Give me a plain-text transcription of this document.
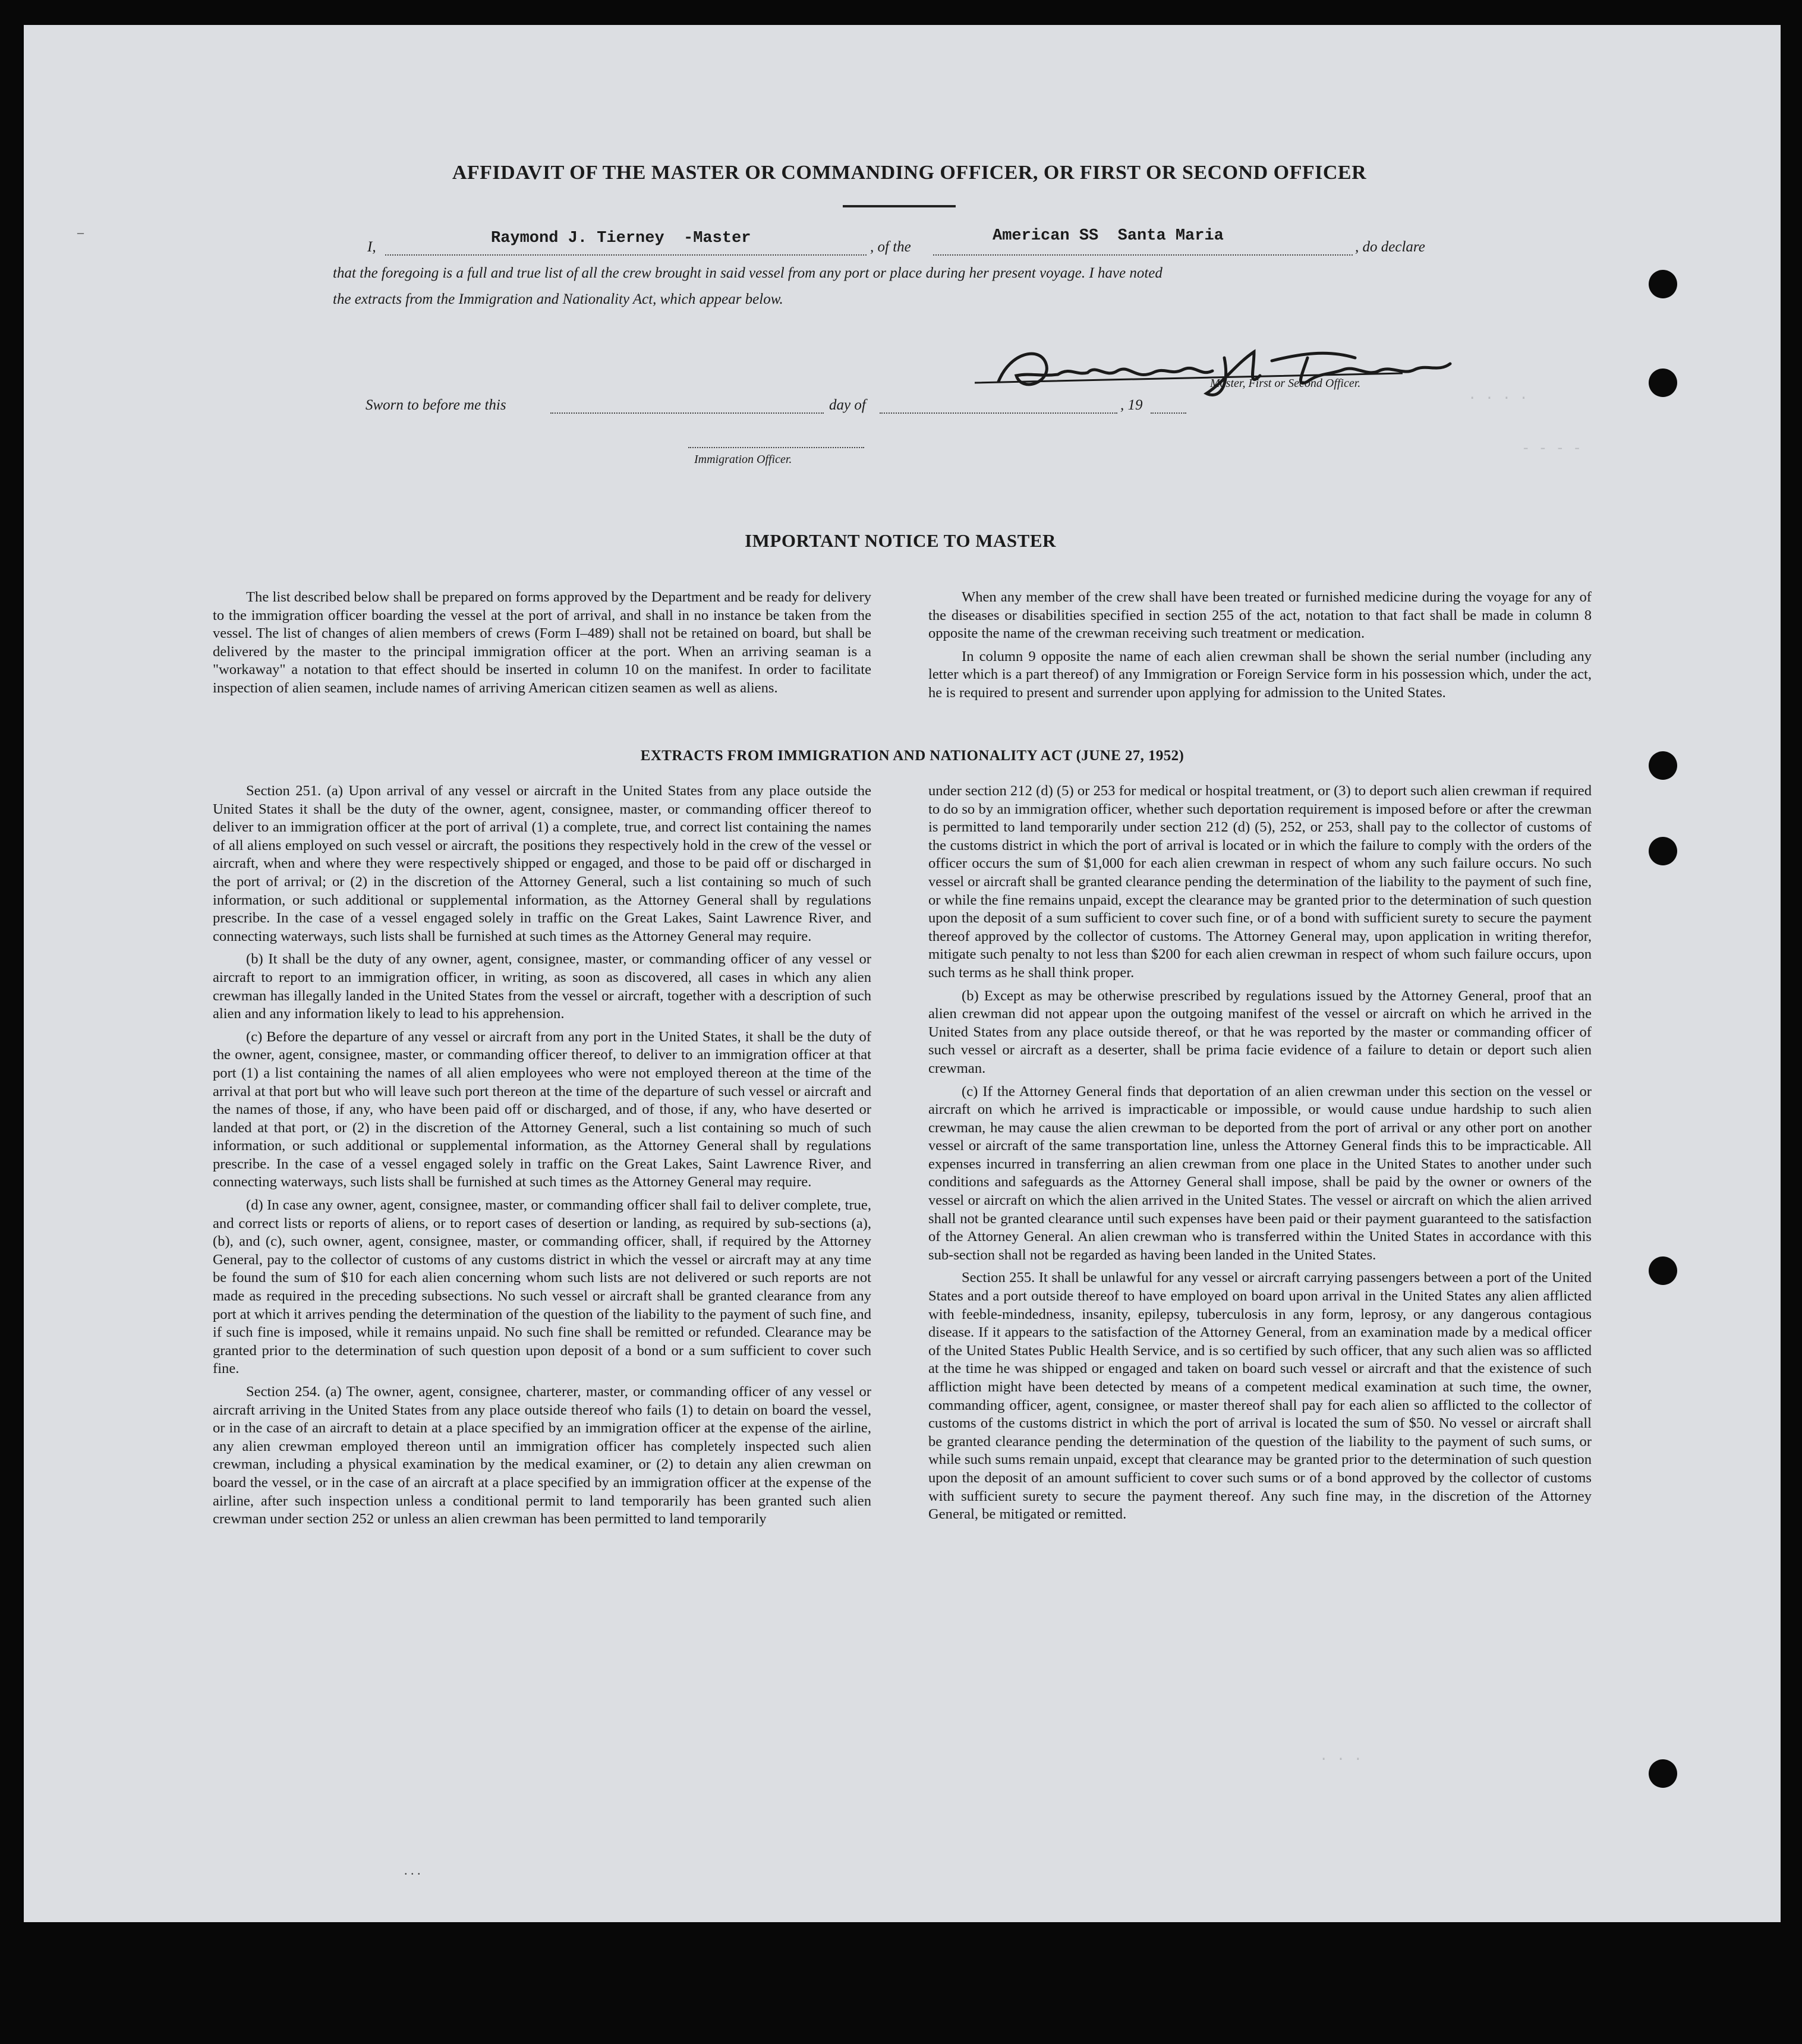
. . . .
- - - -
–
AFFIDAVIT OF THE MASTER OR COMMANDING OFFICER, OR FIRST OR SECOND OFFICER
I,	Raymond J. Tierney  -Master	, of the
American SS  Santa Maria
, do declare
that the foregoing is a full and true list of all the crew brought in said vessel from any port or place during her present voyage. I have noted
the extracts from the Immigration and Nationality Act, which appear below.
Master, First or Second Officer.
Sworn to before me this	day of	, 19
Immigration Officer.
IMPORTANT NOTICE TO MASTER

The list described below shall be prepared on forms approved by the Department and be ready for delivery to the immigration officer boarding the vessel at the port of arrival, and shall in no instance be taken from the vessel. The list of changes of alien members of crews (Form I–489) shall not be retained on board, but shall be delivered by the master to the principal immigration officer at the port. When an arriving seaman is a "workaway" a notation to that effect should be inserted in column 10 on the manifest. In order to facilitate inspection of alien seamen, include names of arriving American citizen seamen as well as aliens.

When any member of the crew shall have been treated or furnished medicine during the voyage for any of the diseases or disabilities specified in section 255 of the act, notation to that fact shall be made in column 8 opposite the name of the crewman receiving such treatment or medication.

In column 9 opposite the name of each alien crewman shall be shown the serial number (including any letter which is a part thereof) of any Immigration or Foreign Service form in his possession which, under the act, he is required to present and surrender upon applying for admission to the United States.

EXTRACTS FROM IMMIGRATION AND NATIONALITY ACT (JUNE 27, 1952)

Section 251. (a) Upon arrival of any vessel or aircraft in the United States from any place outside the United States it shall be the duty of the owner, agent, consignee, master, or commanding officer thereof to deliver to an immigration officer at the port of arrival (1) a complete, true, and correct list containing the names of all aliens employed on such vessel or aircraft, the positions they respectively hold in the crew of the vessel or aircraft, when and where they were respectively shipped or engaged, and those to be paid off or discharged in the port of arrival; or (2) in the discretion of the Attorney General, such a list containing so much of such information, or such additional or supplemental information, as the Attorney General shall by regulations prescribe. In the case of a vessel engaged solely in traffic on the Great Lakes, Saint Lawrence River, and connecting waterways, such lists shall be furnished at such times as the Attorney General may require.

(b) It shall be the duty of any owner, agent, consignee, master, or commanding officer of any vessel or aircraft to report to an immigration officer, in writing, as soon as discovered, all cases in which any alien crewman has illegally landed in the United States from the vessel or aircraft, together with a description of such alien and any information likely to lead to his apprehension.

(c) Before the departure of any vessel or aircraft from any port in the United States, it shall be the duty of the owner, agent, consignee, master, or commanding officer thereof, to deliver to an immigration officer at that port (1) a list containing the names of all alien employees who were not employed thereon at the time of the arrival at that port but who will leave such port thereon at the time of the departure of such vessel or aircraft and the names of those, if any, who have been paid off or discharged, and of those, if any, who have deserted or landed at that port, or (2) in the discretion of the Attorney General, such a list containing so much of such information, or such additional or supplemental information, as the Attorney General shall by regulations prescribe. In the case of a vessel engaged solely in traffic on the Great Lakes, Saint Lawrence River, and connecting waterways, such lists shall be furnished at such times as the Attorney General may require.

(d) In case any owner, agent, consignee, master, or commanding officer shall fail to deliver complete, true, and correct lists or reports of aliens, or to report cases of desertion or landing, as required by sub-sections (a), (b), and (c), such owner, agent, consignee, master, or commanding officer, shall, if required by the Attorney General, pay to the collector of customs of any customs district in which the vessel or aircraft may at any time be found the sum of $10 for each alien concerning whom such lists are not delivered or such reports are not made as required in the preceding subsections. No such vessel or aircraft shall be granted clearance from any port at which it arrives pending the determination of the question of the liability to the payment of such fine, and if such fine is imposed, while it remains unpaid. No such fine shall be remitted or refunded. Clearance may be granted prior to the determination of such question upon deposit of a bond or a sum sufficient to cover such fine.

Section 254. (a) The owner, agent, consignee, charterer, master, or commanding officer of any vessel or aircraft arriving in the United States from any place outside thereof who fails (1) to detain on board the vessel, or in the case of an aircraft to detain at a place specified by an immigration officer at the expense of the airline, any alien crewman employed thereon until an immigration officer has completely inspected such alien crewman, including a physical examination by the medical examiner, or (2) to detain any alien crewman on board the vessel, or in the case of an aircraft at a place specified by an immigration officer at the expense of the airline, after such inspection unless a conditional permit to land temporarily has been granted such alien crewman under section 252 or unless an alien crewman has been permitted to land temporarily

under section 212 (d) (5) or 253 for medical or hospital treatment, or (3) to deport such alien crewman if required to do so by an immigration officer, whether such deportation requirement is imposed before or after the crewman is permitted to land temporarily under section 212 (d) (5), 252, or 253, shall pay to the collector of customs of the customs district in which the port of arrival is located or in which the failure to comply with the orders of the officer occurs the sum of $1,000 for each alien crewman in respect of whom any such failure occurs. No such vessel or aircraft shall be granted clearance pending the determination of the liability to the payment of such fine, or while the fine remains unpaid, except the clearance may be granted prior to the determination of such question upon the deposit of a sum sufficient to cover such fine, or of a bond with sufficient surety to secure the payment thereof approved by the collector of customs. The Attorney General may, upon application in writing therefor, mitigate such penalty to not less than $200 for each alien crewman in respect of whom such failure occurs, upon such terms as he shall think proper.

(b) Except as may be otherwise prescribed by regulations issued by the Attorney General, proof that an alien crewman did not appear upon the outgoing manifest of the vessel or aircraft on which he arrived in the United States from any place outside thereof, or that he was reported by the master or commanding officer of such vessel or aircraft as a deserter, shall be prima facie evidence of a failure to detain or deport such alien crewman.

(c) If the Attorney General finds that deportation of an alien crewman under this section on the vessel or aircraft on which he arrived is impracticable or impossible, or would cause undue hardship to such alien crewman, he may cause the alien crewman to be deported from the port of arrival or any other port on another vessel or aircraft of the same transportation line, unless the Attorney General finds this to be impracticable. All expenses incurred in transferring an alien crewman from one place in the United States to another under such conditions and safeguards as the Attorney General shall impose, shall be paid by the owner or owners of the vessel or aircraft on which the alien arrived in the United States. The vessel or aircraft on which the alien arrived shall not be granted clearance until such expenses have been paid or their payment guaranteed to the satisfaction of the Attorney General. An alien crewman who is transferred within the United States in accordance with this sub-section shall not be regarded as having been landed in the United States.

Section 255. It shall be unlawful for any vessel or aircraft carrying passengers between a port of the United States and a port outside thereof to have employed on board upon arrival in the United States any alien afflicted with feeble-mindedness, insanity, epilepsy, tuberculosis in any form, leprosy, or any dangerous contagious disease. If it appears to the satisfaction of the Attorney General, from an examination made by a medical officer of the United States Public Health Service, and is so certified by such officer, that any such alien was so afflicted at the time he was shipped or engaged and taken on board such vessel or aircraft and that the existence of such affliction might have been detected by means of a competent medical examination at such time, the owner, commanding officer, agent, consignee, or master thereof shall pay for each alien so afflicted to the collector of customs of the customs district in which the port of arrival is located the sum of $50. No vessel or aircraft shall be granted clearance pending the determination of the question of the liability to the payment of such sums, or while such sums remain unpaid, except that clearance may be granted prior to the determination of such question upon the deposit of an amount sufficient to cover such sums or of a bond approved by the collector of customs with sufficient surety to secure the payment thereof. Any such fine may, in the discretion of the Attorney General, be mitigated or remitted.

. . .
. . .
